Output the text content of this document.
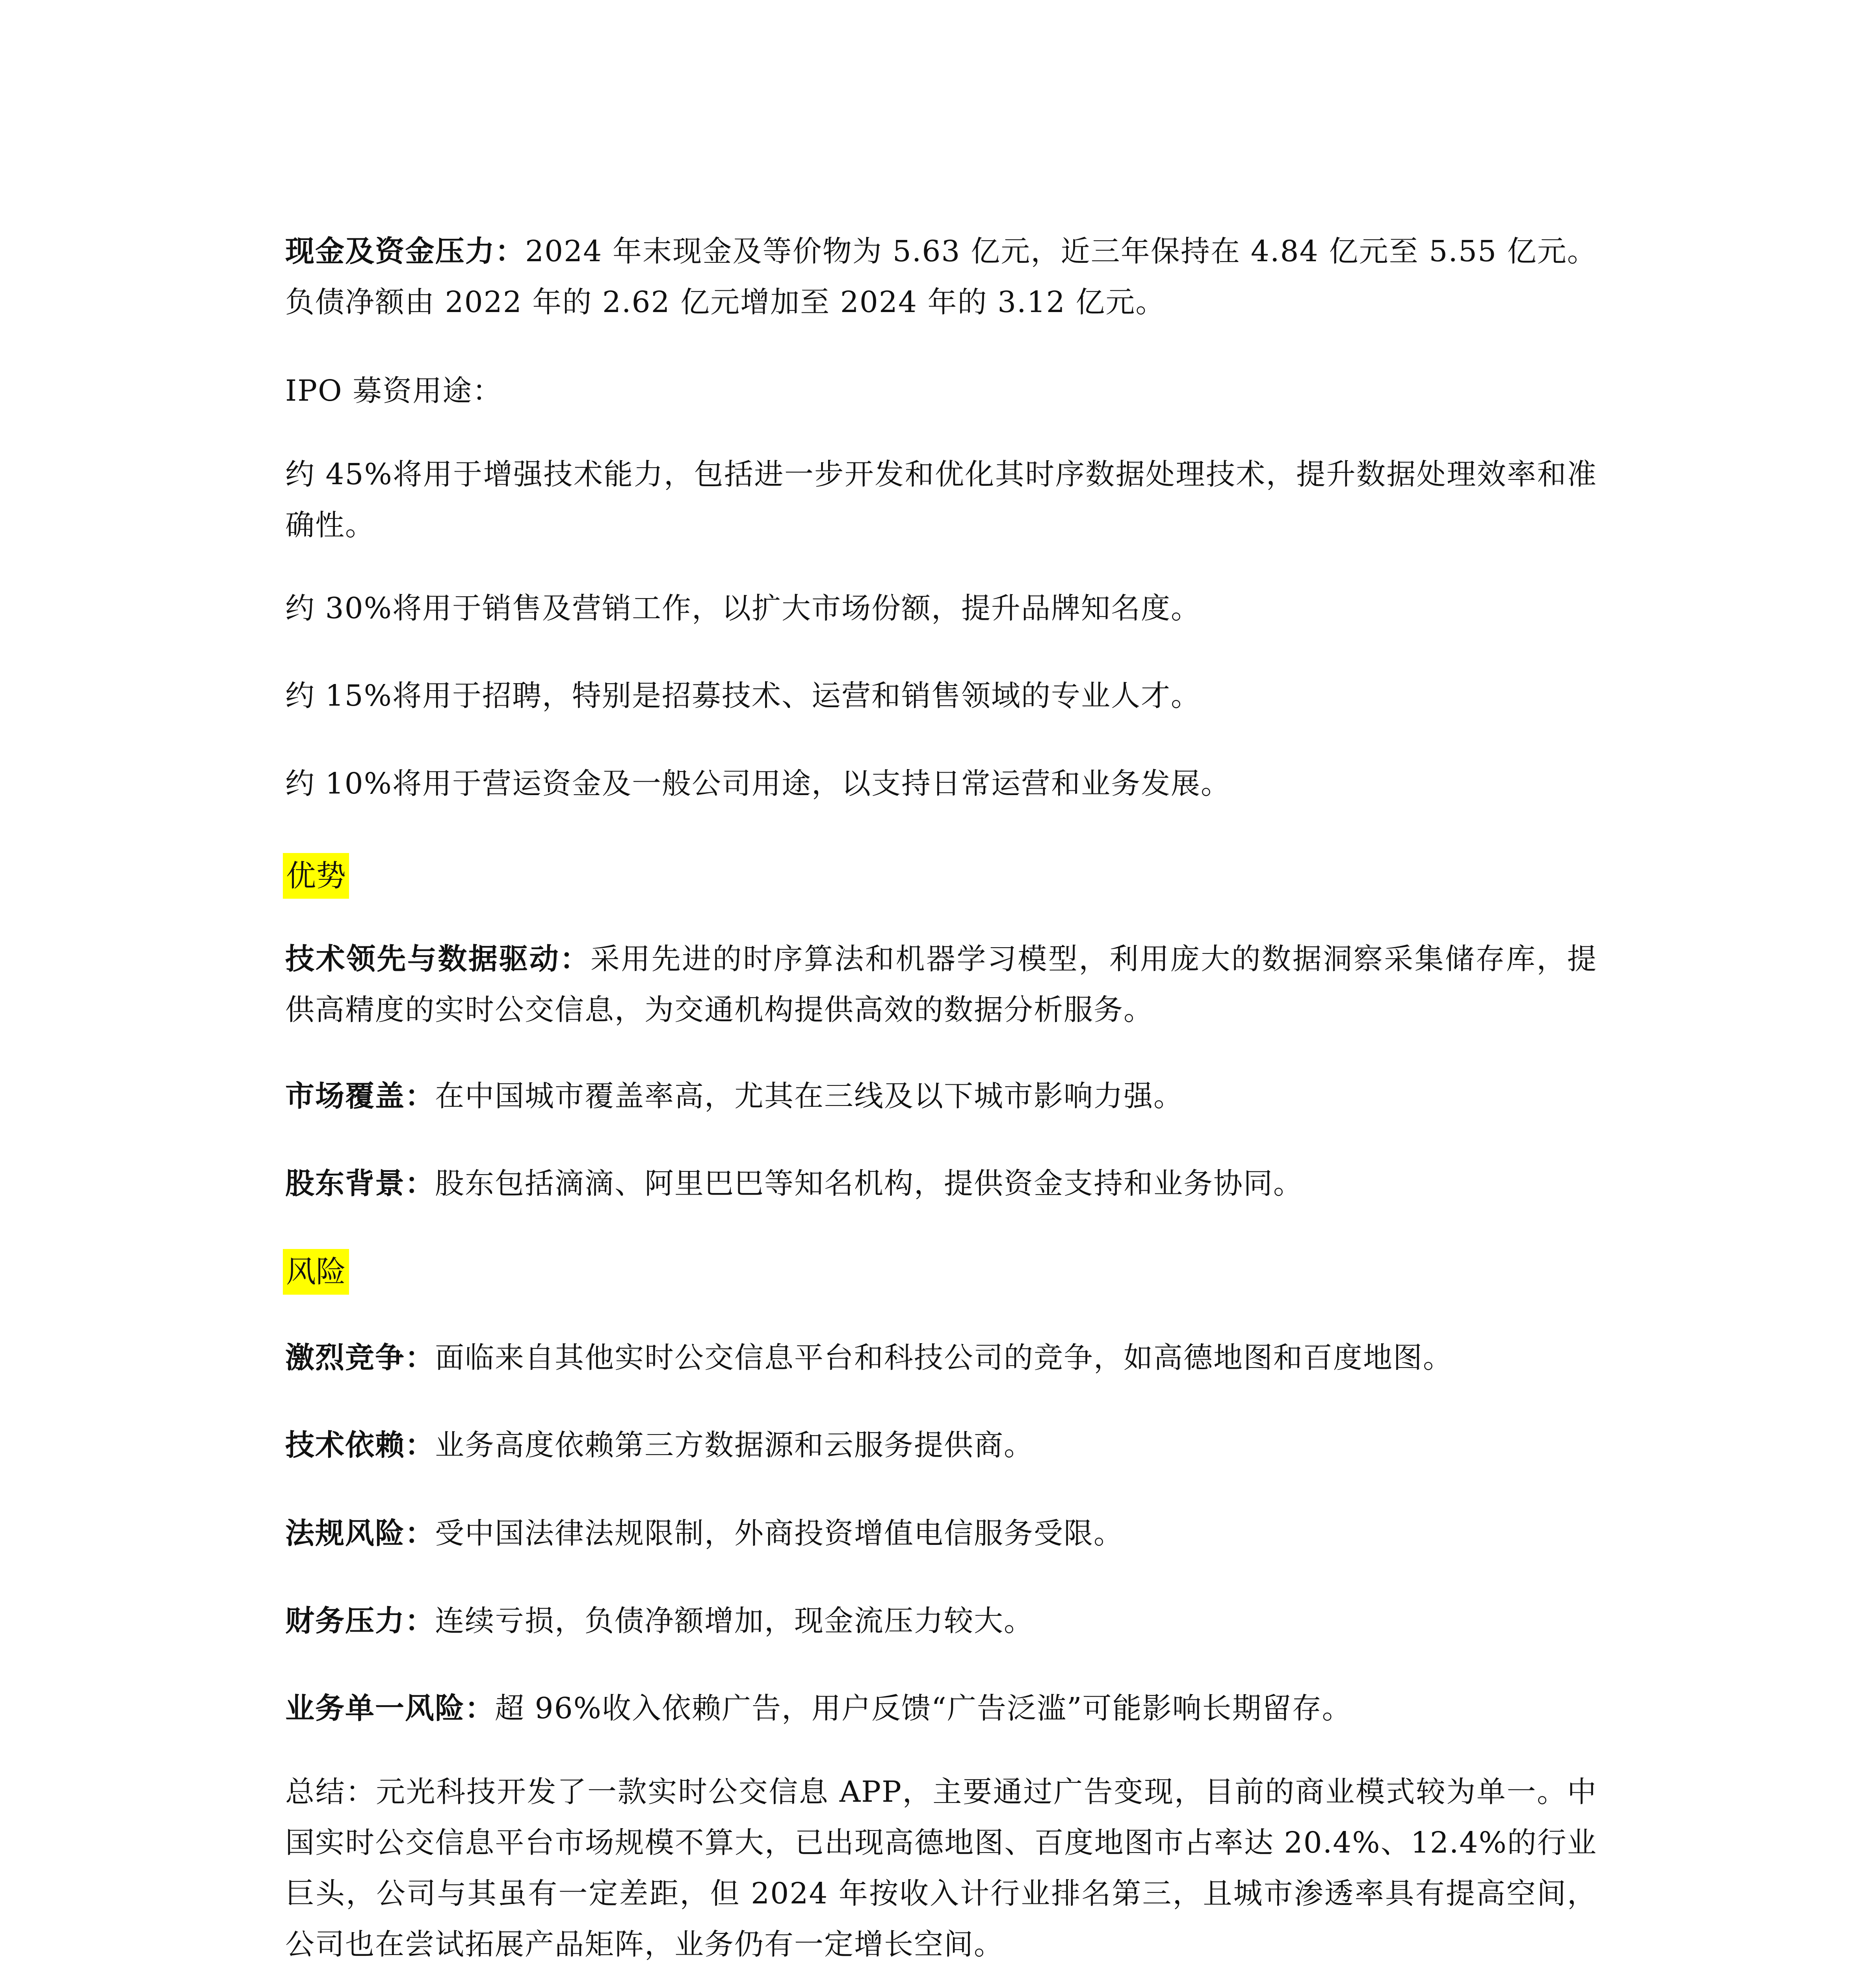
现金及资金压力：2024 年末现金及等价物为 5.63 亿元，近三年保持在 4.84 亿元至 5.55 亿元。负债净额由 2022 年的 2.62 亿元增加至 2024 年的 3.12 亿元。

IPO 募资用途：

约 45%将用于增强技术能力，包括进一步开发和优化其时序数据处理技术，提升数据处理效率和准确性。

约 30%将用于销售及营销工作，以扩大市场份额，提升品牌知名度。

约 15%将用于招聘，特别是招募技术、运营和销售领域的专业人才。

约 10%将用于营运资金及一般公司用途，以支持日常运营和业务发展。

优势

技术领先与数据驱动：采用先进的时序算法和机器学习模型，利用庞大的数据洞察采集储存库，提供高精度的实时公交信息，为交通机构提供高效的数据分析服务。

市场覆盖：在中国城市覆盖率高，尤其在三线及以下城市影响力强。

股东背景：股东包括滴滴、阿里巴巴等知名机构，提供资金支持和业务协同。

风险

激烈竞争：面临来自其他实时公交信息平台和科技公司的竞争，如高德地图和百度地图。

技术依赖：业务高度依赖第三方数据源和云服务提供商。

法规风险：受中国法律法规限制，外商投资增值电信服务受限。

财务压力：连续亏损，负债净额增加，现金流压力较大。

业务单一风险：超 96%收入依赖广告，用户反馈“广告泛滥”可能影响长期留存。

总结：元光科技开发了一款实时公交信息 APP，主要通过广告变现，目前的商业模式较为单一。中国实时公交信息平台市场规模不算大，已出现高德地图、百度地图市占率达 20.4%、12.4%的行业巨头，公司与其虽有一定差距，但 2024 年按收入计行业排名第三，且城市渗透率具有提高空间，公司也在尝试拓展产品矩阵，业务仍有一定增长空间。
